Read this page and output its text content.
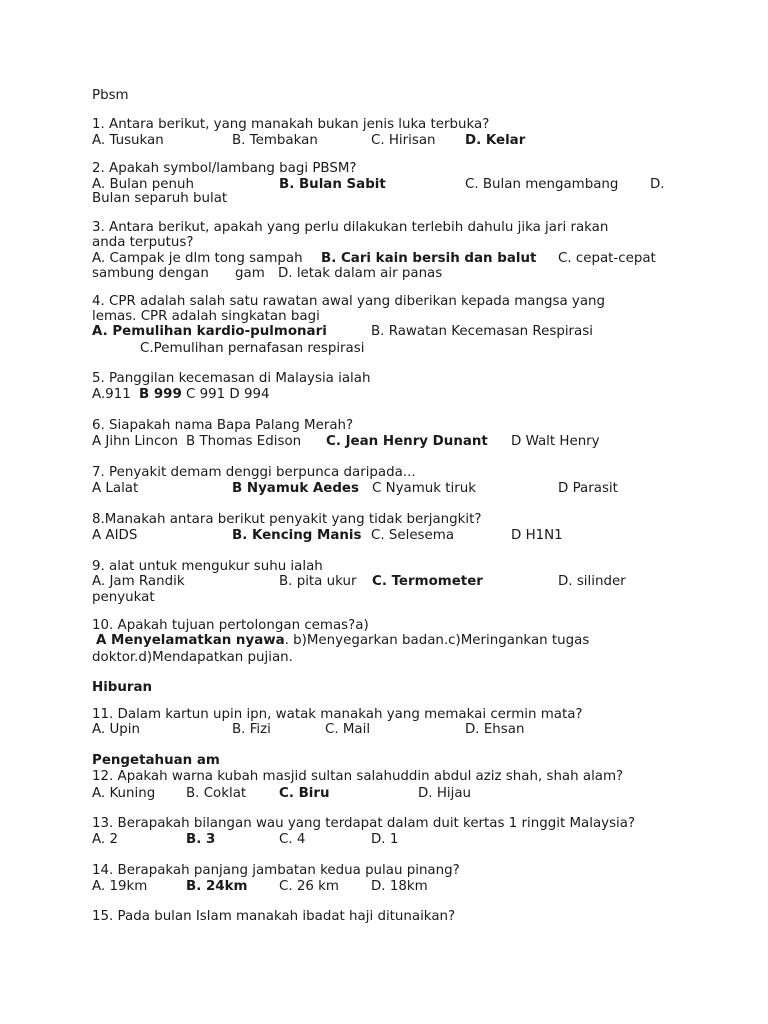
Pbsm
1. Antara berikut, yang manakah bukan jenis luka terbuka?
A. Tusukan	B. Tembakan	C. Hirisan D. Kelar
2. Apakah symbol/lambang bagi PBSM?
A. Bulan penuh	B. Bulan Sabit	C. Bulan mengambang D.
Bulan separuh bulat
3. Antara berikut, apakah yang perlu dilakukan terlebih dahulu jika jari rakan
anda terputus?
A. Campak je dlm tong sampah B. Cari kain bersih dan balut C. cepat-cepat
sambung dengan gam D. letak dalam air panas
4. CPR adalah salah satu rawatan awal yang diberikan kepada mangsa yang
lemas. CPR adalah singkatan bagi
A. Pemulihan kardio-pulmonari	B. Rawatan Kecemasan Respirasi
C.Pemulihan pernafasan respirasi
5. Panggilan kecemasan di Malaysia ialah
A.911 B 999 C 991 D 994
6. Siapakah nama Bapa Palang Merah?
A Jihn Lincon B Thomas Edison C. Jean Henry Dunant D Walt Henry
7. Penyakit demam denggi berpunca daripada...
A Lalat	B Nyamuk Aedes C Nyamuk tiruk	D Parasit
8.Manakah antara berikut penyakit yang tidak berjangkit?
A AIDS	B. Kencing Manis C. Selesema	D H1N1
9. alat untuk mengukur suhu ialah
A. Jam Randik	B. pita ukur C. Termometer	D. silinder
penyukat
10. Apakah tujuan pertolongan cemas?a)
A Menyelamatkan nyawa. b)Menyegarkan badan.c)Meringankan tugas
doktor.d)Mendapatkan pujian.
Hiburan
11. Dalam kartun upin ipn, watak manakah yang memakai cermin mata?
A. Upin	B. Fizi	C. Mail	D. Ehsan
Pengetahuan am
12. Apakah warna kubah masjid sultan salahuddin abdul aziz shah, shah alam?
A. Kuning B. Coklat C. Biru	D. Hijau
13. Berapakah bilangan wau yang terdapat dalam duit kertas 1 ringgit Malaysia?
A. 2	B. 3	C. 4	D. 1
14. Berapakah panjang jambatan kedua pulau pinang?
A. 19km	B. 24km C. 26 km D. 18km
15. Pada bulan Islam manakah ibadat haji ditunaikan?
